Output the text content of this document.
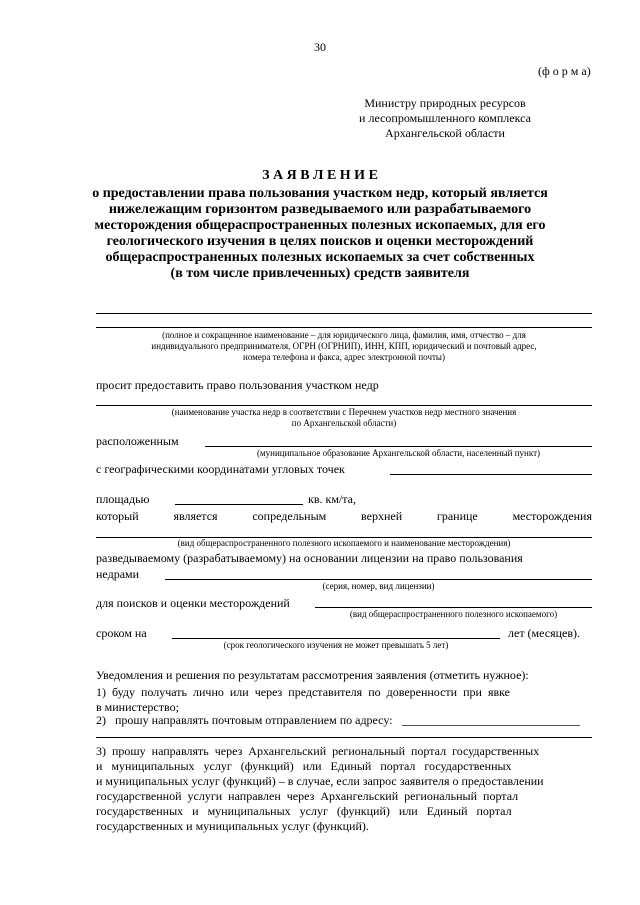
30
(ф о р м а)
Министру природных ресурсов
и лесопромышленного комплекса
Архангельской области
З А Я В Л Е Н И Е
о предоставлении права пользования участком недр, который является
нижележащим горизонтом разведываемого или разрабатываемого
месторождения общераспространенных полезных ископаемых, для его
геологического изучения в целях поисков и оценки месторождений
общераспространенных полезных ископаемых за счет собственных
(в том числе привлеченных) средств заявителя
(полное и сокращенное наименование – для юридического лица, фамилия, имя, отчество – для
индивидуального предпринимателя, ОГРН (ОГРНИП), ИНН, КПП, юридический и почтовый адрес,
номера телефона и факса, адрес электронной почты)
просит предоставить право пользования участком недр
(наименование участка недр в соответствии с Перечнем участков недр местного значения
по Архангельской области)
расположенным
(муниципальное образование Архангельской области, населенный пункт)
с географическими координатами угловых точек
площадью	кв. км/та,
который	является	сопредельным	верхней	границе	месторождения
(вид общераспространенного полезного ископаемого и наименование месторождения)
разведываемому (разрабатываемому) на основании лицензии на право пользования
недрами
(серия, номер, вид лицензии)
для поисков и оценки месторождений
(вид общераспространенного полезного ископаемого)
сроком на	лет (месяцев).
(срок геологического изучения не может превышать 5 лет)
Уведомления и решения по результатам рассмотрения заявления (отметить нужное):
1)  буду  получать  лично  или  через  представителя  по  доверенности  при  явке
в министерство;
2)   прошу направлять почтовым отправлением по адресу:
3)  прошу  направлять  через  Архангельский  региональный  портал  государственных
и   муниципальных   услуг   (функций)   или   Единый   портал   государственных
и муниципальных услуг (функций) – в случае, если запрос заявителя о предоставлении
государственной  услуги  направлен  через  Архангельский  региональный  портал
государственных   и   муниципальных   услуг   (функций)   или   Единый   портал
государственных и муниципальных услуг (функций).
